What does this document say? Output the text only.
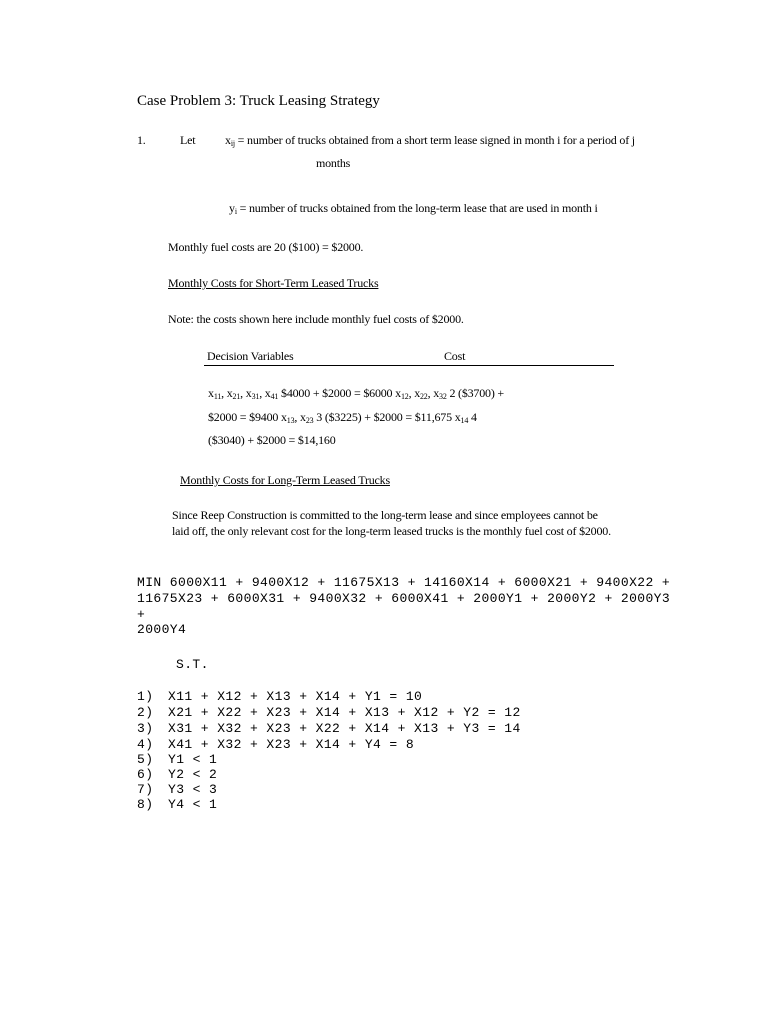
Case Problem 3: Truck Leasing Strategy
1.	Let $x_{ij}$ = number of trucks obtained from a short term lease signed in month i for a period of j
months
$y_i$ = number of trucks obtained from the long-term lease that are used in month i
Monthly fuel costs are 20 ($100) = $2000.
Monthly Costs for Short-Term Leased Trucks
Note: the costs shown here include monthly fuel costs of $2000.
Decision Variables	Cost
$x_{11}$, $x_{21}$, $x_{31}$, $x_{41}$ $4000 + $2000 = $6000 $x_{12}$, $x_{22}$, $x_{32}$ 2 ($3700) +
$2000 = $9400 $x_{13}$, $x_{23}$ 3 ($3225) + $2000 = $11,675 $x_{14}$ 4
($3040) + $2000 = $14,160
Monthly Costs for Long-Term Leased Trucks
Since Reep Construction is committed to the long-term lease and since employees cannot be
laid off, the only relevant cost for the long-term leased trucks is the monthly fuel cost of $2000.
MIN 6000X11 + 9400X12 + 11675X13 + 14160X14 + 6000X21 + 9400X22 +
11675X23 + 6000X31 + 9400X32 + 6000X41 + 2000Y1 + 2000Y2 + 2000Y3
+
2000Y4
S.T.
1) X11 + X12 + X13 + X14 + Y1 = 10
2) X21 + X22 + X23 + X14 + X13 + X12 + Y2 = 12
3) X31 + X32 + X23 + X22 + X14 + X13 + Y3 = 14
4) X41 + X32 + X23 + X14 + Y4 = 8
5) Y1 < 1
6) Y2 < 2
7) Y3 < 3
8) Y4 < 1
